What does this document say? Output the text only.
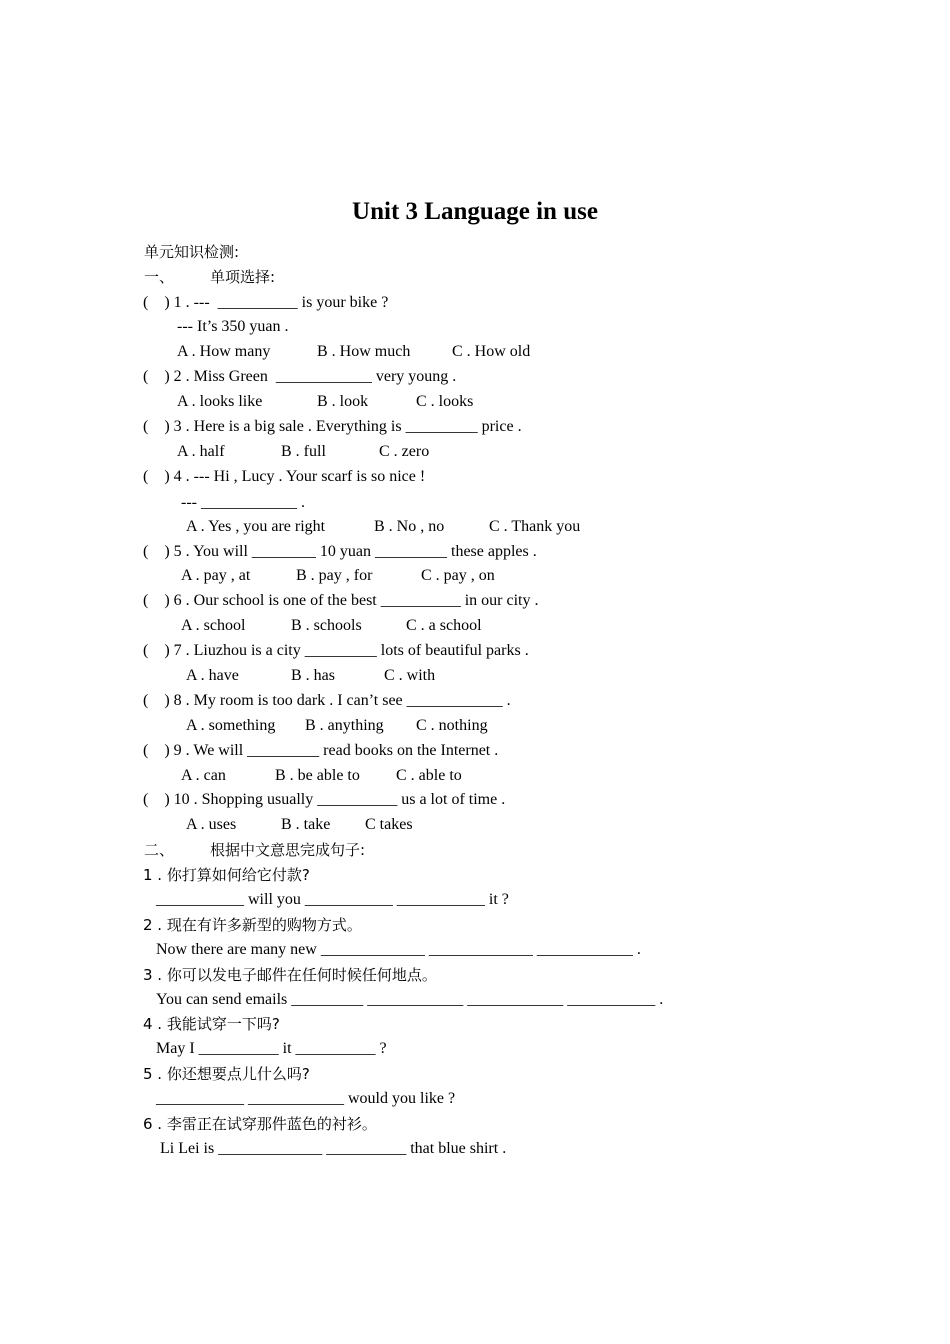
Unit 3 Language in use
单元知识检测:
一、 单项选择:
(    ) 1 . ---  __________ is your bike ?
--- It’s 350 yuan .
A . How many	B . How much	C . How old
(    ) 2 . Miss Green  ____________ very young .
A . looks like	B . look	C . looks
(    ) 3 . Here is a big sale . Everything is _________ price .
A . half	B . full	C . zero
(    ) 4 . --- Hi , Lucy . Your scarf is so nice !
--- ____________ .
A . Yes , you are right	B . No , no	C . Thank you
(    ) 5 . You will ________ 10 yuan _________ these apples .
A . pay , at	B . pay , for	C . pay , on
(    ) 6 . Our school is one of the best __________ in our city .
A . school	B . schools	C . a school
(    ) 7 . Liuzhou is a city _________ lots of beautiful parks .
A . have	B . has	C . with
(    ) 8 . My room is too dark . I can’t see ____________ .
A . something B . anything C . nothing
(    ) 9 . We will _________ read books on the Internet .
A . can	B . be able to C . able to
(    ) 10 . Shopping usually __________ us a lot of time .
A . uses	B . take C takes
二、 根据中文意思完成句子:
1 . 你打算如何给它付款?
___________ will you ___________ ___________ it ?
2 . 现在有许多新型的购物方式。
Now there are many new _____________ _____________ ____________ .
3 . 你可以发电子邮件在任何时候任何地点。
You can send emails _________ ____________ ____________ ___________ .
4 . 我能试穿一下吗?
May I __________ it __________ ?
5 . 你还想要点儿什么吗?
___________ ____________ would you like ?
6 . 李雷正在试穿那件蓝色的衬衫。
Li Lei is _____________ __________ that blue shirt .
